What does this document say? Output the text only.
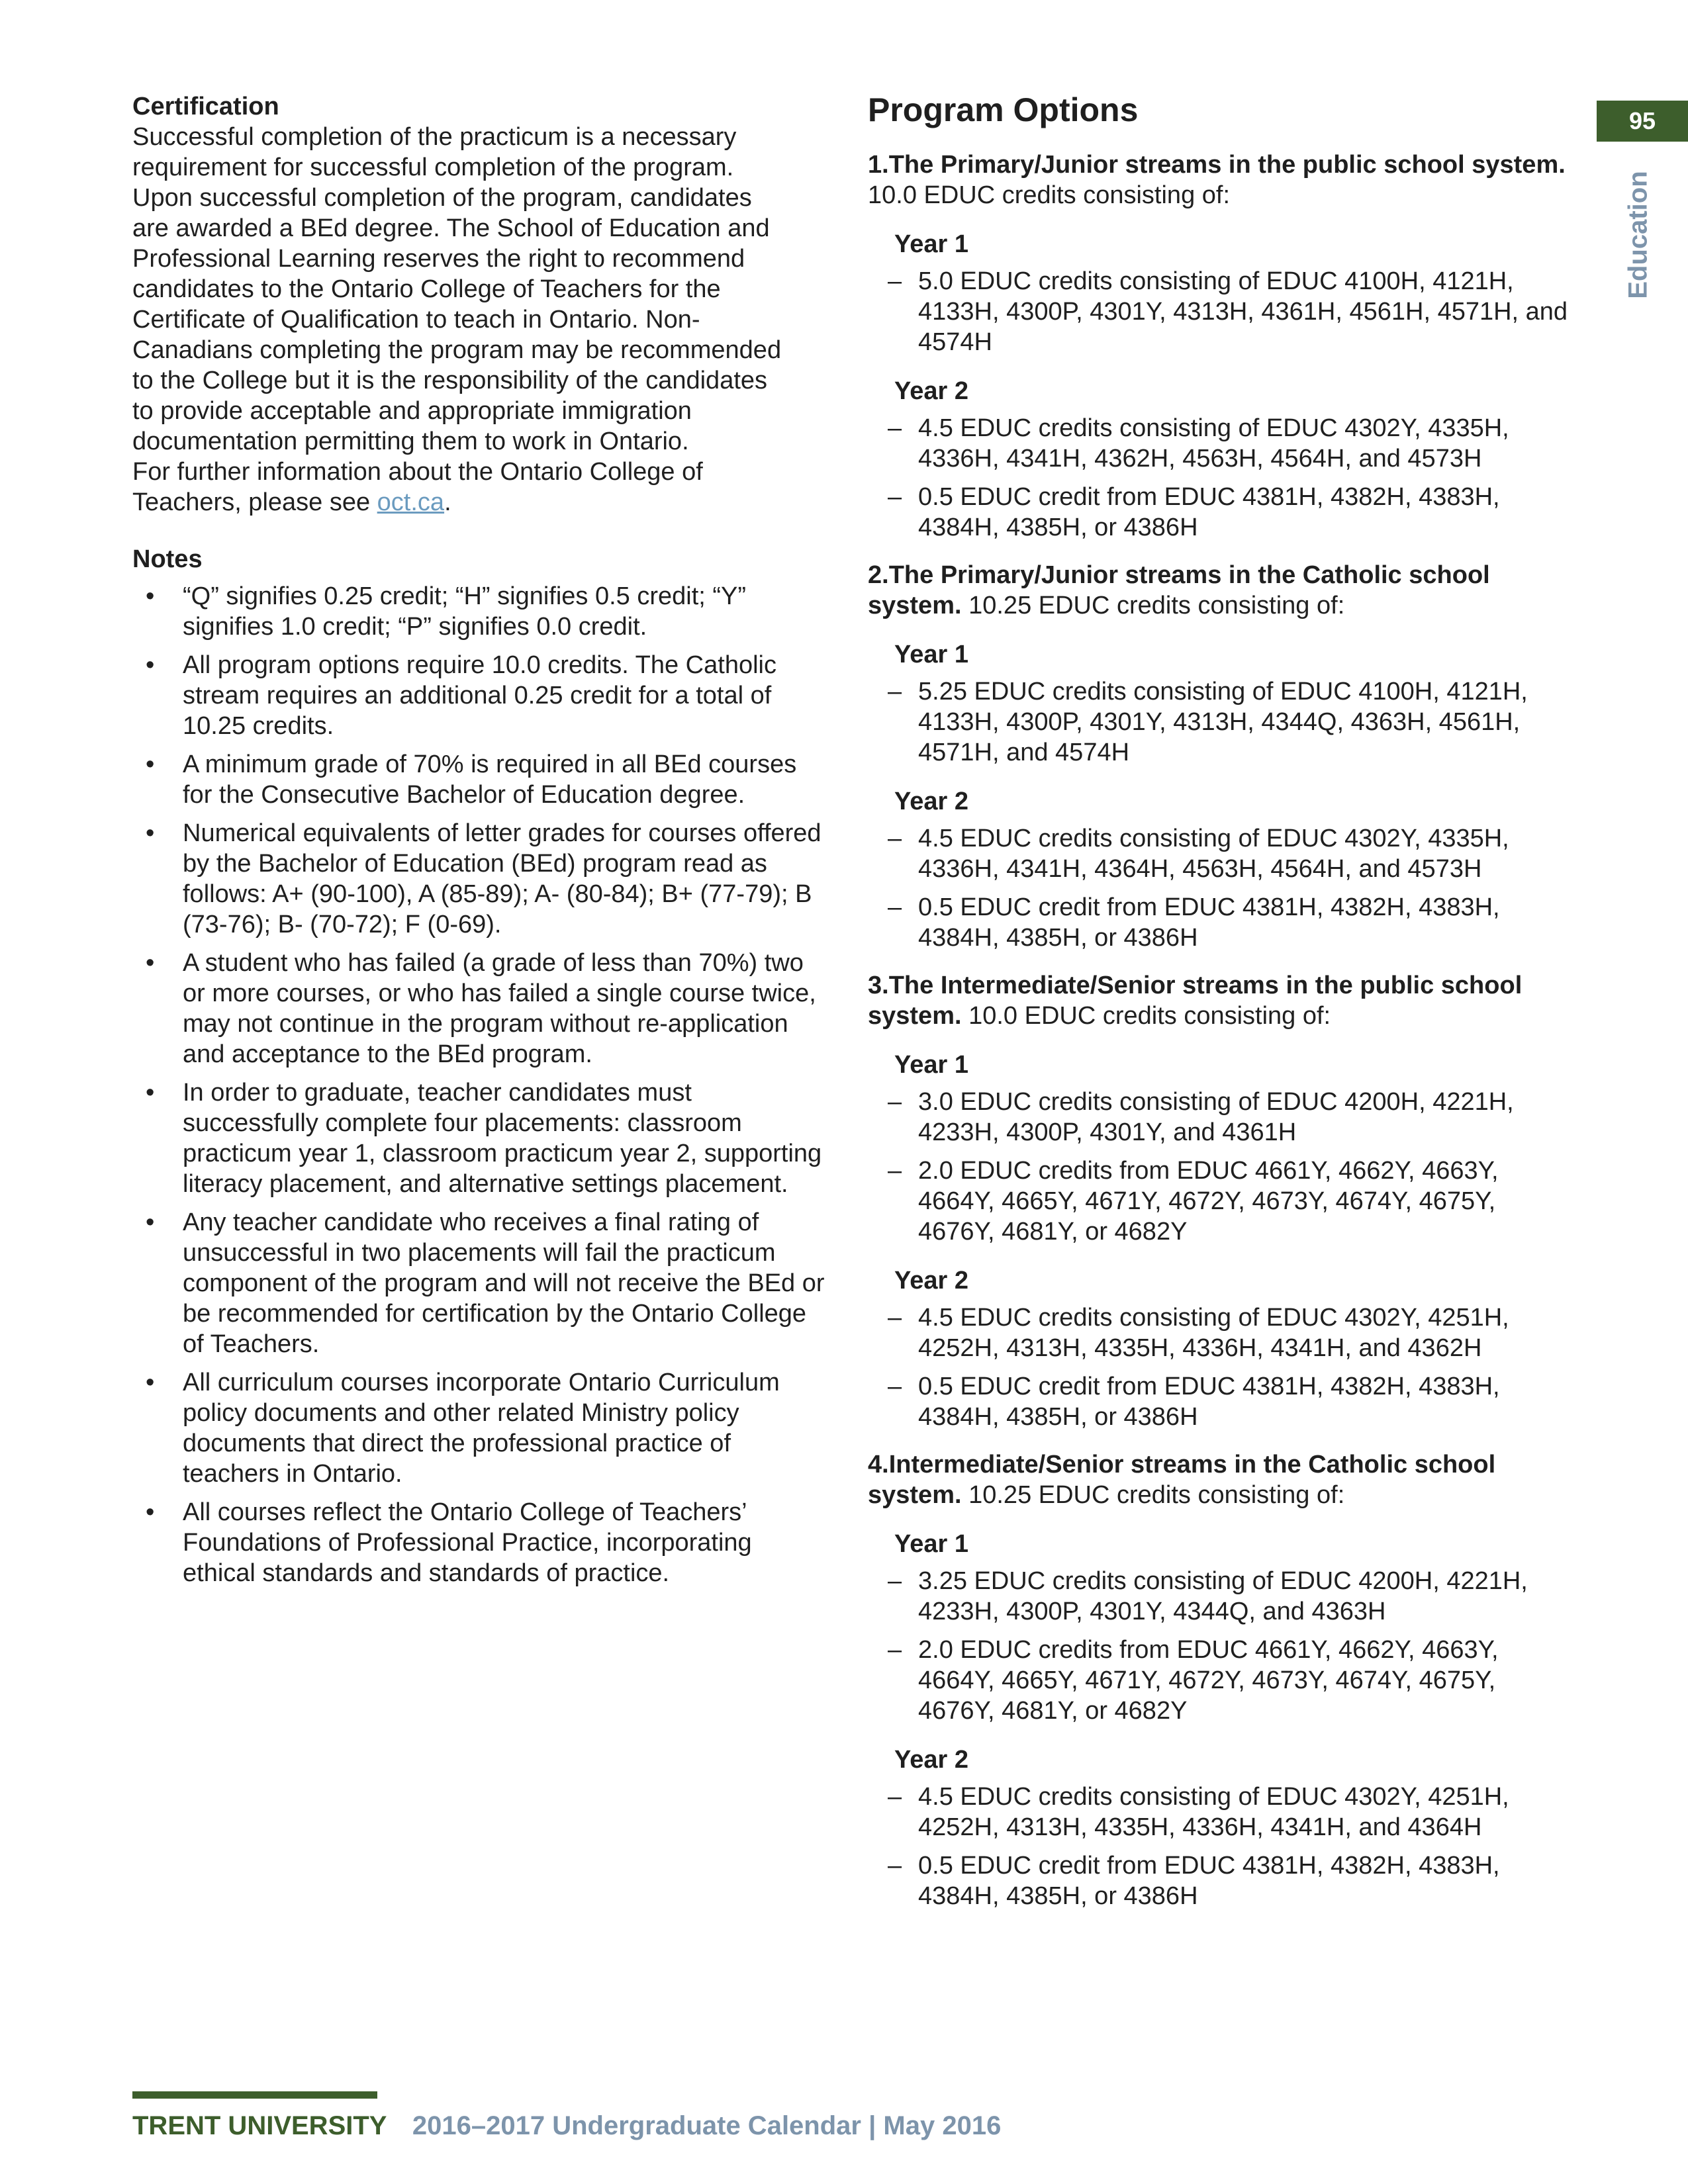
95
Education
Certification
Successful completion of the practicum is a necessary
requirement for successful completion of the program.
Upon successful completion of the program, candidates
are awarded a BEd degree. The School of Education and
Professional Learning reserves the right to recommend
candidates to the Ontario College of Teachers for the
Certificate of Qualification to teach in Ontario. Non-
Canadians completing the program may be recommended
to the College but it is the responsibility of the candidates
to provide acceptable and appropriate immigration
documentation permitting them to work in Ontario.
For further information about the Ontario College of
Teachers, please see oct.ca.
Notes
• “Q” signifies 0.25 credit; “H” signifies 0.5 credit; “Y” signifies 1.0 credit; “P” signifies 0.0 credit.
• All program options require 10.0 credits. The Catholic stream requires an additional 0.25 credit for a total of 10.25 credits.
• A minimum grade of 70% is required in all BEd courses for the Consecutive Bachelor of Education degree.
• Numerical equivalents of letter grades for courses offered by the Bachelor of Education (BEd) program read as follows: A+ (90-100), A (85-89); A- (80-84); B+ (77-79); B (73-76); B- (70-72); F (0-69).
• A student who has failed (a grade of less than 70%) two or more courses, or who has failed a single course twice, may not continue in the program without re-application and acceptance to the BEd program.
• In order to graduate, teacher candidates must successfully complete four placements: classroom practicum year 1, classroom practicum year 2, supporting literacy placement, and alternative settings placement.
• Any teacher candidate who receives a final rating of unsuccessful in two placements will fail the practicum component of the program and will not receive the BEd or be recommended for certification by the Ontario College of Teachers.
• All curriculum courses incorporate Ontario Curriculum policy documents and other related Ministry policy documents that direct the professional practice of teachers in Ontario.
• All courses reflect the Ontario College of Teachers’ Foundations of Professional Practice, incorporating ethical standards and standards of practice.
Program Options

1.The Primary/Junior streams in the public school system. 10.0 EDUC credits consisting of:

Year 1
– 5.0 EDUC credits consisting of EDUC 4100H, 4121H, 4133H, 4300P, 4301Y, 4313H, 4361H, 4561H, 4571H, and 4574H
Year 2
– 4.5 EDUC credits consisting of EDUC 4302Y, 4335H, 4336H, 4341H, 4362H, 4563H, 4564H, and 4573H
– 0.5 EDUC credit from EDUC 4381H, 4382H, 4383H, 4384H, 4385H, or 4386H

2.The Primary/Junior streams in the Catholic school system. 10.25 EDUC credits consisting of:

Year 1
– 5.25 EDUC credits consisting of EDUC 4100H, 4121H, 4133H, 4300P, 4301Y, 4313H, 4344Q, 4363H, 4561H, 4571H, and 4574H
Year 2
– 4.5 EDUC credits consisting of EDUC 4302Y, 4335H, 4336H, 4341H, 4364H, 4563H, 4564H, and 4573H
– 0.5 EDUC credit from EDUC 4381H, 4382H, 4383H, 4384H, 4385H, or 4386H

3.The Intermediate/Senior streams in the public school system. 10.0 EDUC credits consisting of:

Year 1
– 3.0 EDUC credits consisting of EDUC 4200H, 4221H, 4233H, 4300P, 4301Y, and 4361H
– 2.0 EDUC credits from EDUC 4661Y, 4662Y, 4663Y, 4664Y, 4665Y, 4671Y, 4672Y, 4673Y, 4674Y, 4675Y, 4676Y, 4681Y, or 4682Y
Year 2
– 4.5 EDUC credits consisting of EDUC 4302Y, 4251H, 4252H, 4313H, 4335H, 4336H, 4341H, and 4362H
– 0.5 EDUC credit from EDUC 4381H, 4382H, 4383H, 4384H, 4385H, or 4386H

4.Intermediate/Senior streams in the Catholic school system. 10.25 EDUC credits consisting of:

Year 1
– 3.25 EDUC credits consisting of EDUC 4200H, 4221H, 4233H, 4300P, 4301Y, 4344Q, and 4363H
– 2.0 EDUC credits from EDUC 4661Y, 4662Y, 4663Y, 4664Y, 4665Y, 4671Y, 4672Y, 4673Y, 4674Y, 4675Y, 4676Y, 4681Y, or 4682Y
Year 2
– 4.5 EDUC credits consisting of EDUC 4302Y, 4251H, 4252H, 4313H, 4335H, 4336H, 4341H, and 4364H
– 0.5 EDUC credit from EDUC 4381H, 4382H, 4383H, 4384H, 4385H, or 4386H
TRENT UNIVERSITY 2016–2017 Undergraduate Calendar | May 2016
